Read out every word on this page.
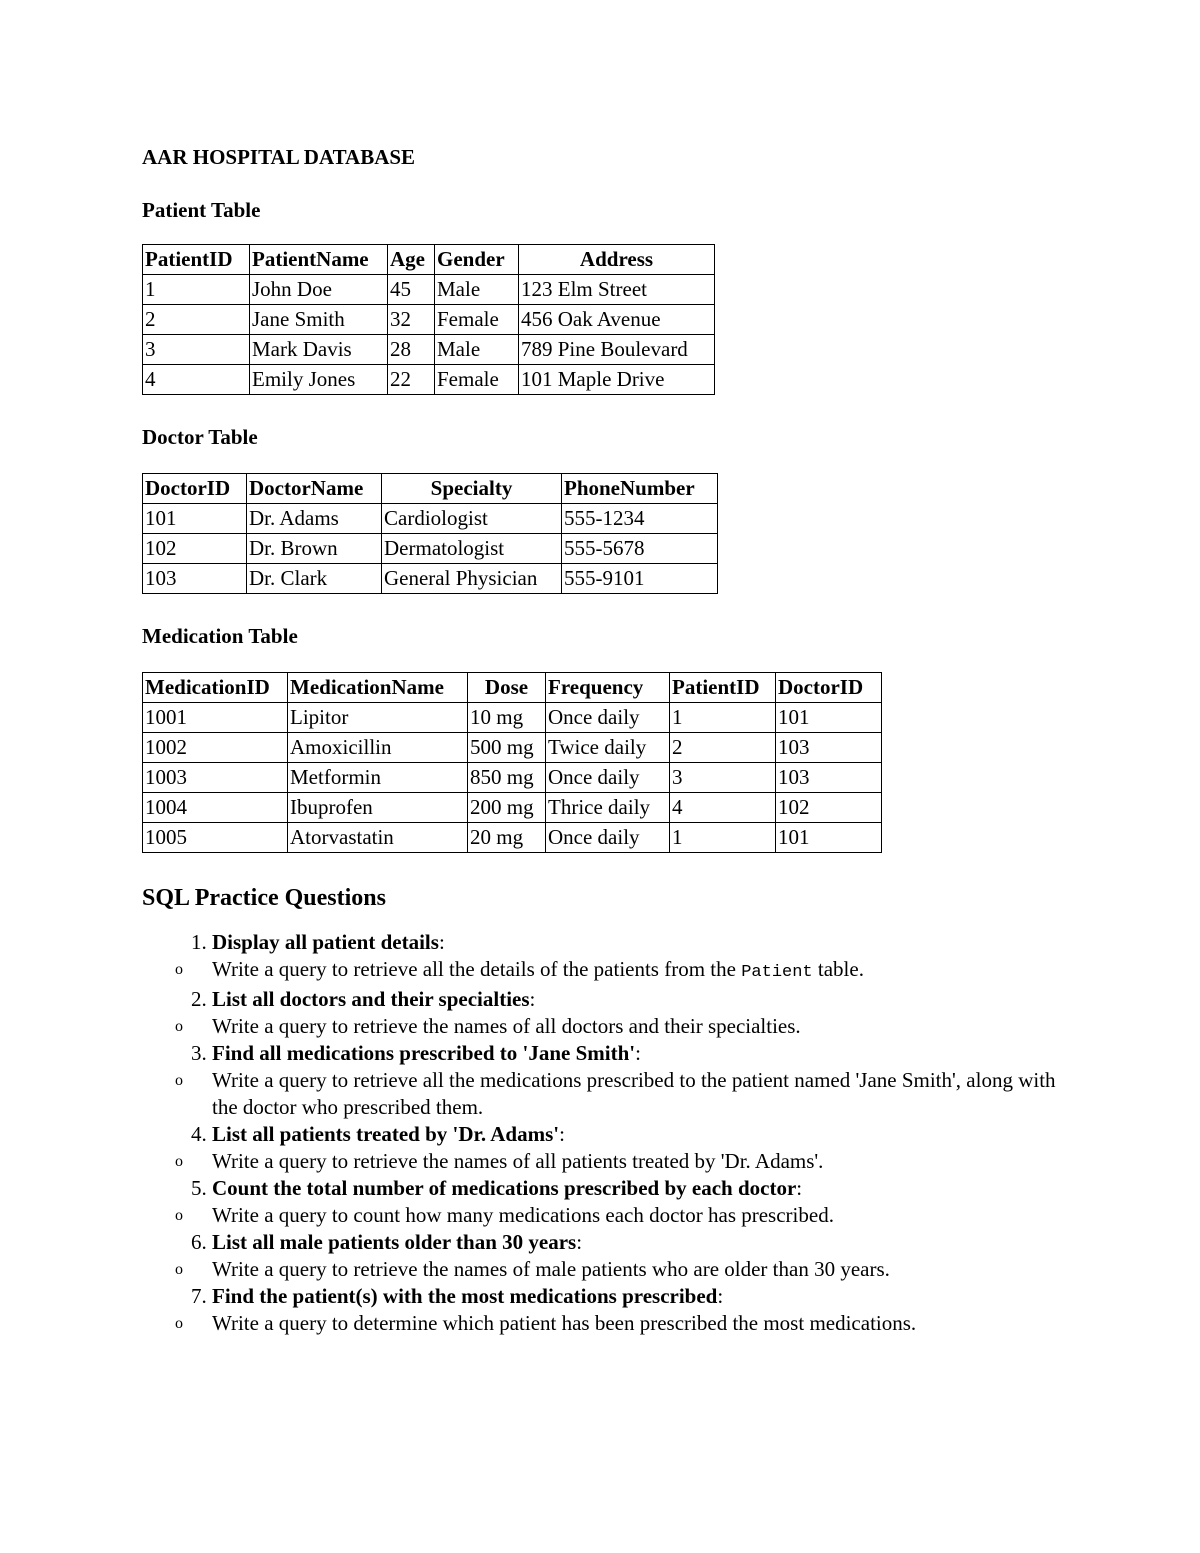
AAR HOSPITAL DATABASE
Patient Table
PatientID	PatientName	Age	Gender	Address
1	John Doe	45	Male	123 Elm Street
2	Jane Smith	32	Female	456 Oak Avenue
3	Mark Davis	28	Male	789 Pine Boulevard
4	Emily Jones	22	Female	101 Maple Drive
Doctor Table
DoctorID	DoctorName	Specialty	PhoneNumber
101	Dr. Adams	Cardiologist	555-1234
102	Dr. Brown	Dermatologist	555-5678
103	Dr. Clark	General Physician	555-9101
Medication Table
MedicationID	MedicationName	Dose	Frequency	PatientID	DoctorID
1001	Lipitor	10 mg	Once daily	1	101
1002	Amoxicillin	500 mg	Twice daily	2	103
1003	Metformin	850 mg	Once daily	3	103
1004	Ibuprofen	200 mg	Thrice daily	4	102
1005	Atorvastatin	20 mg	Once daily	1	101
SQL Practice Questions
1. Display all patient details:
o Write a query to retrieve all the details of the patients from the Patient table.
2. List all doctors and their specialties:
o Write a query to retrieve the names of all doctors and their specialties.
3. Find all medications prescribed to 'Jane Smith':
o Write a query to retrieve all the medications prescribed to the patient named 'Jane Smith', along with the doctor who prescribed them.
4. List all patients treated by 'Dr. Adams':
o Write a query to retrieve the names of all patients treated by 'Dr. Adams'.
5. Count the total number of medications prescribed by each doctor:
o Write a query to count how many medications each doctor has prescribed.
6. List all male patients older than 30 years:
o Write a query to retrieve the names of male patients who are older than 30 years.
7. Find the patient(s) with the most medications prescribed:
o Write a query to determine which patient has been prescribed the most medications.
